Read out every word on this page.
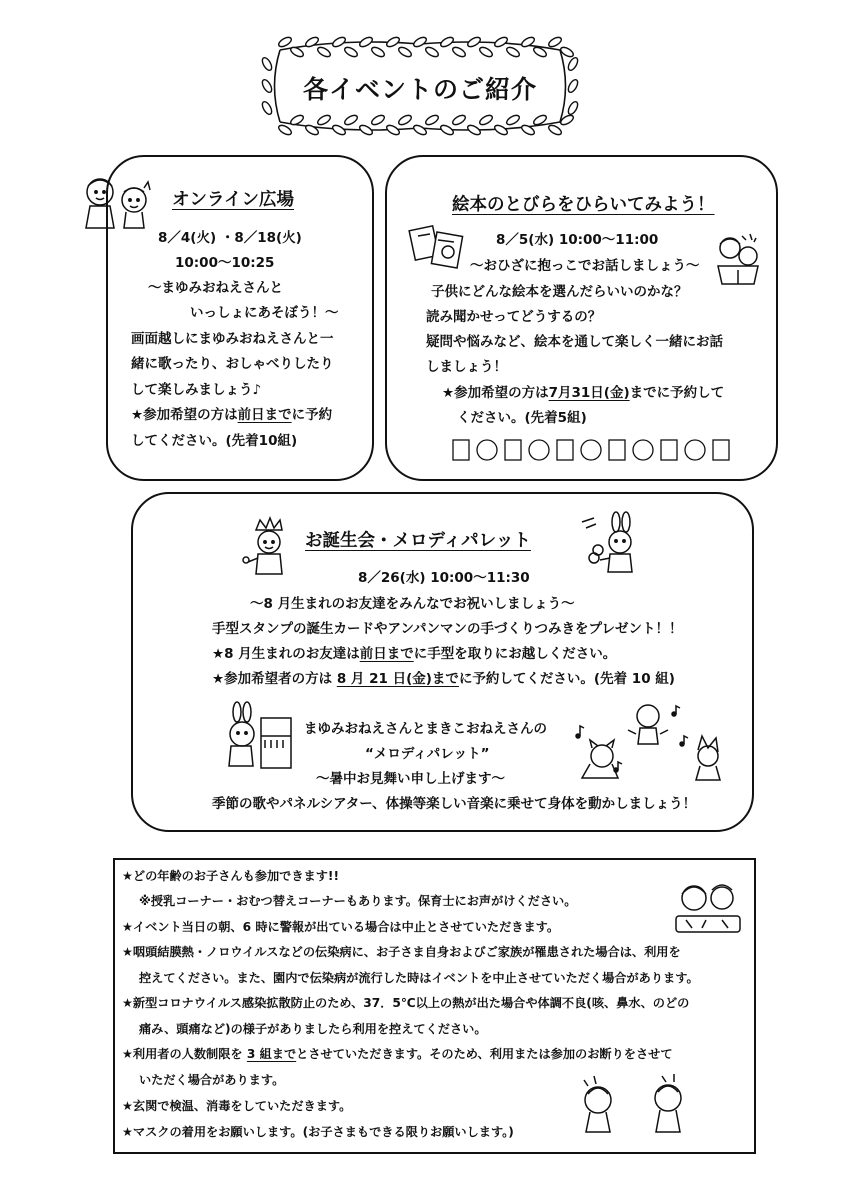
各イベントのご紹介
オンライン広場
8／4(火) ・8／18(火)
10:00～10:25
～まゆみおねえさんと
いっしょにあそぼう！～
画面越しにまゆみおねえさんと一
緒に歌ったり、おしゃべりしたり
して楽しみましょう♪
★参加希望の方は前日までに予約
してください。(先着10組)
絵本のとびらをひらいてみよう！
8／5(水) 10:00～11:00
～おひざに抱っこでお話しましょう～
子供にどんな絵本を選んだらいいのかな？
読み聞かせってどうするの？
疑問や悩みなど、絵本を通して楽しく一緒にお話
しましょう！
★参加希望の方は7月31日(金)までに予約して
ください。(先着5組)
お誕生会・メロディパレット
8／26(水) 10:00～11:30
～8 月生まれのお友達をみんなでお祝いしましょう～
手型スタンプの誕生カードやアンパンマンの手づくりつみきをプレゼント！！
★8 月生まれのお友達は前日までに手型を取りにお越しください。
★参加希望者の方は 8 月 21 日(金)までに予約してください。(先着 10 組)
まゆみおねえさんとまきこおねえさんの
“メロディパレット”
～暑中お見舞い申し上げます～
季節の歌やパネルシアター、体操等楽しい音楽に乗せて身体を動かしましょう！
★どの年齢のお子さんも参加できます!!
※授乳コーナー・おむつ替えコーナーもあります。保育士にお声がけください。
★イベント当日の朝、6 時に警報が出ている場合は中止とさせていただきます。
★咽頭結膜熱・ノロウイルスなどの伝染病に、お子さま自身およびご家族が罹患された場合は、利用を
控えてください。また、園内で伝染病が流行した時はイベントを中止させていただく場合があります。
★新型コロナウイルス感染拡散防止のため、37．5℃以上の熱が出た場合や体調不良(咳、鼻水、のどの
痛み、頭痛など)の様子がありましたら利用を控えてください。
★利用者の人数制限を 3 組までとさせていただきます。そのため、利用または参加のお断りをさせて
いただく場合があります。
★玄関で検温、消毒をしていただきます。
★マスクの着用をお願いします。(お子さまもできる限りお願いします。)
